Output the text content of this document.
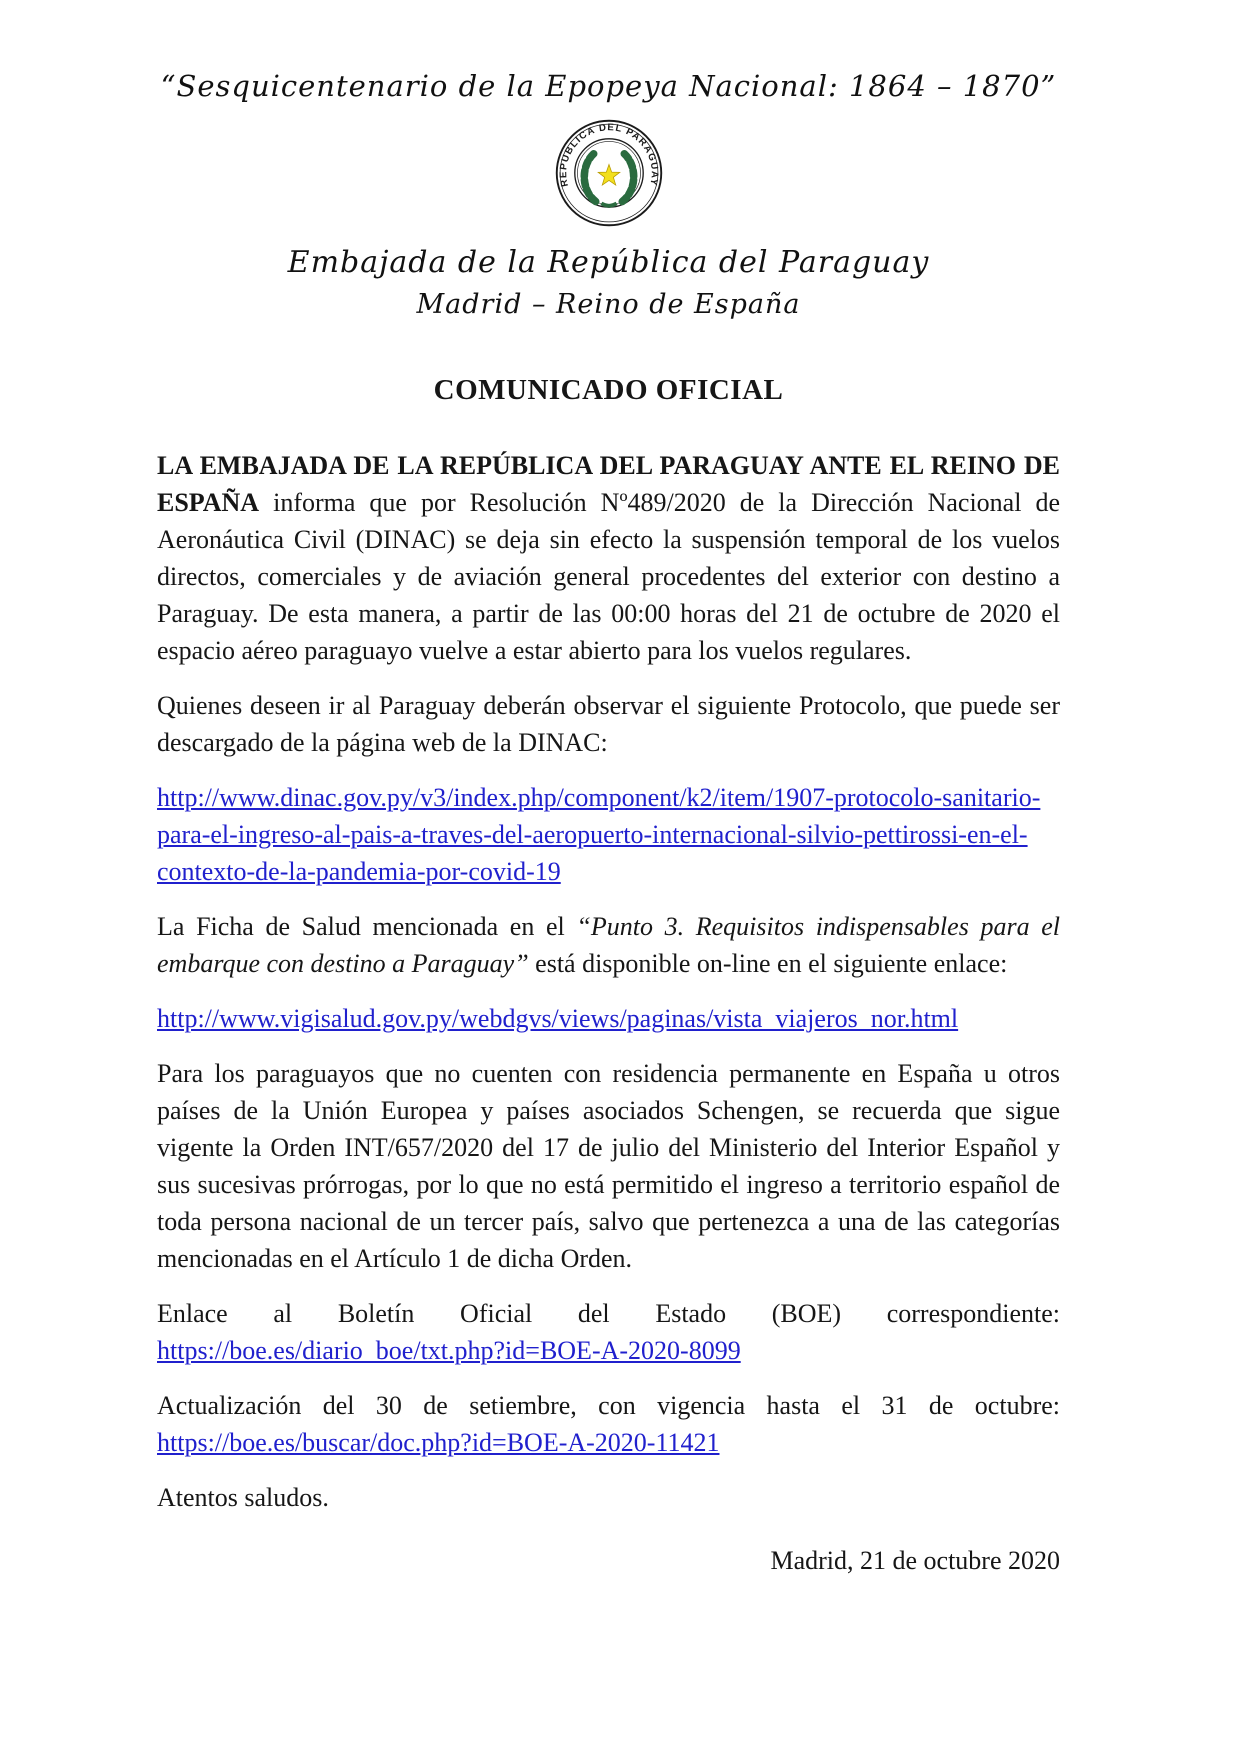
“Sesquicentenario de la Epopeya Nacional: 1864 – 1870”
REPUBLICA DEL PARAGUAY
Embajada de la República del Paraguay
Madrid – Reino de España
COMUNICADO OFICIAL

LA EMBAJADA DE LA REPÚBLICA DEL PARAGUAY ANTE EL REINO DE ESPAÑA informa que por Resolución Nº489/2020 de la Dirección Nacional de Aeronáutica Civil (DINAC) se deja sin efecto la suspensión temporal de los vuelos directos, comerciales y de aviación general procedentes del exterior con destino a Paraguay. De esta manera, a partir de las 00:00 horas del 21 de octubre de 2020 el espacio aéreo paraguayo vuelve a estar abierto para los vuelos regulares.

Quienes deseen ir al Paraguay deberán observar el siguiente Protocolo, que puede ser descargado de la página web de la DINAC:

http://www.dinac.gov.py/v3/index.php/component/k2/item/1907-protocolo-sanitario-para-el-ingreso-al-pais-a-traves-del-aeropuerto-internacional-silvio-pettirossi-en-el-contexto-de-la-pandemia-por-covid-19

La Ficha de Salud mencionada en el “Punto 3. Requisitos indispensables para el embarque con destino a Paraguay” está disponible on-line en el siguiente enlace:

http://www.vigisalud.gov.py/webdgvs/views/paginas/vista_viajeros_nor.html

Para los paraguayos que no cuenten con residencia permanente en España u otros países de la Unión Europea y países asociados Schengen, se recuerda que sigue vigente la Orden INT/657/2020 del 17 de julio del Ministerio del Interior Español y sus sucesivas prórrogas, por lo que no está permitido el ingreso a territorio español de toda persona nacional de un tercer país, salvo que pertenezca a una de las categorías mencionadas en el Artículo 1 de dicha Orden.

Enlace al Boletín Oficial del Estado (BOE) correspondiente: https://boe.es/diario_boe/txt.php?id=BOE-A-2020-8099

Actualización del 30 de setiembre, con vigencia hasta el 31 de octubre: https://boe.es/buscar/doc.php?id=BOE-A-2020-11421

Atentos saludos.

Madrid, 21 de octubre 2020
